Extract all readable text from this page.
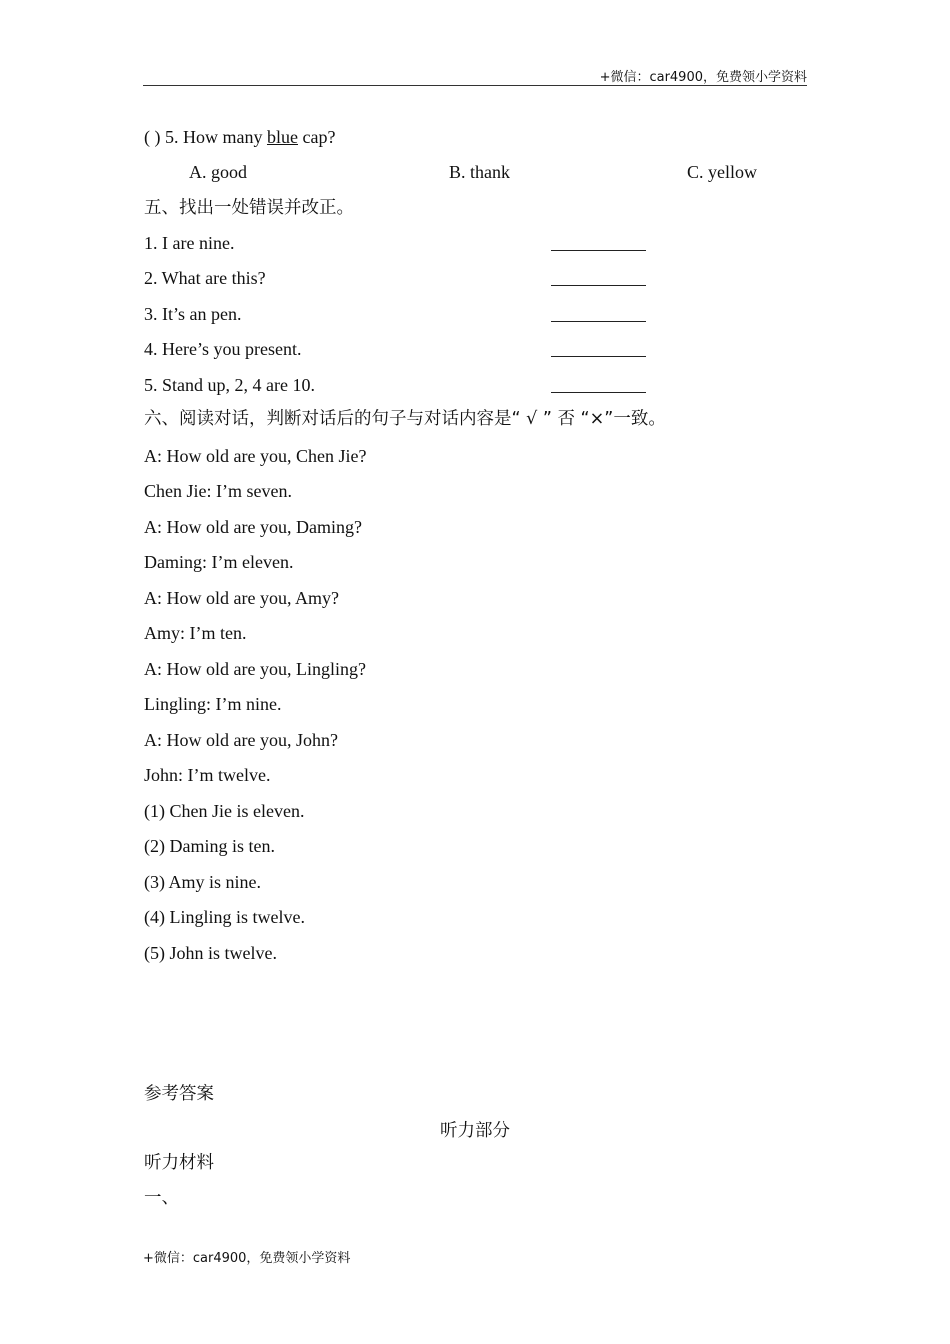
+微信：car4900，免费领小学资料
( ) 5. How many blue cap?
A. good	B. thank	C. yellow
五、找出一处错误并改正。
1. I are nine.
2. What are this?
3. It’s an pen.
4. Here’s you present.
5. Stand up, 2, 4 are 10.
六、阅读对话，判断对话后的句子与对话内容是“ √ ” 否 “×”一致。
A: How old are you, Chen Jie?
Chen Jie: I’m seven.
A: How old are you, Daming?
Daming: I’m eleven.
A: How old are you, Amy?
Amy: I’m ten.
A: How old are you, Lingling?
Lingling: I’m nine.
A: How old are you, John?
John: I’m twelve.
(1) Chen Jie is eleven.
(2) Daming is ten.
(3) Amy is nine.
(4) Lingling is twelve.
(5) John is twelve.
参考答案
听力部分
听力材料
一、
+微信：car4900，免费领小学资料
